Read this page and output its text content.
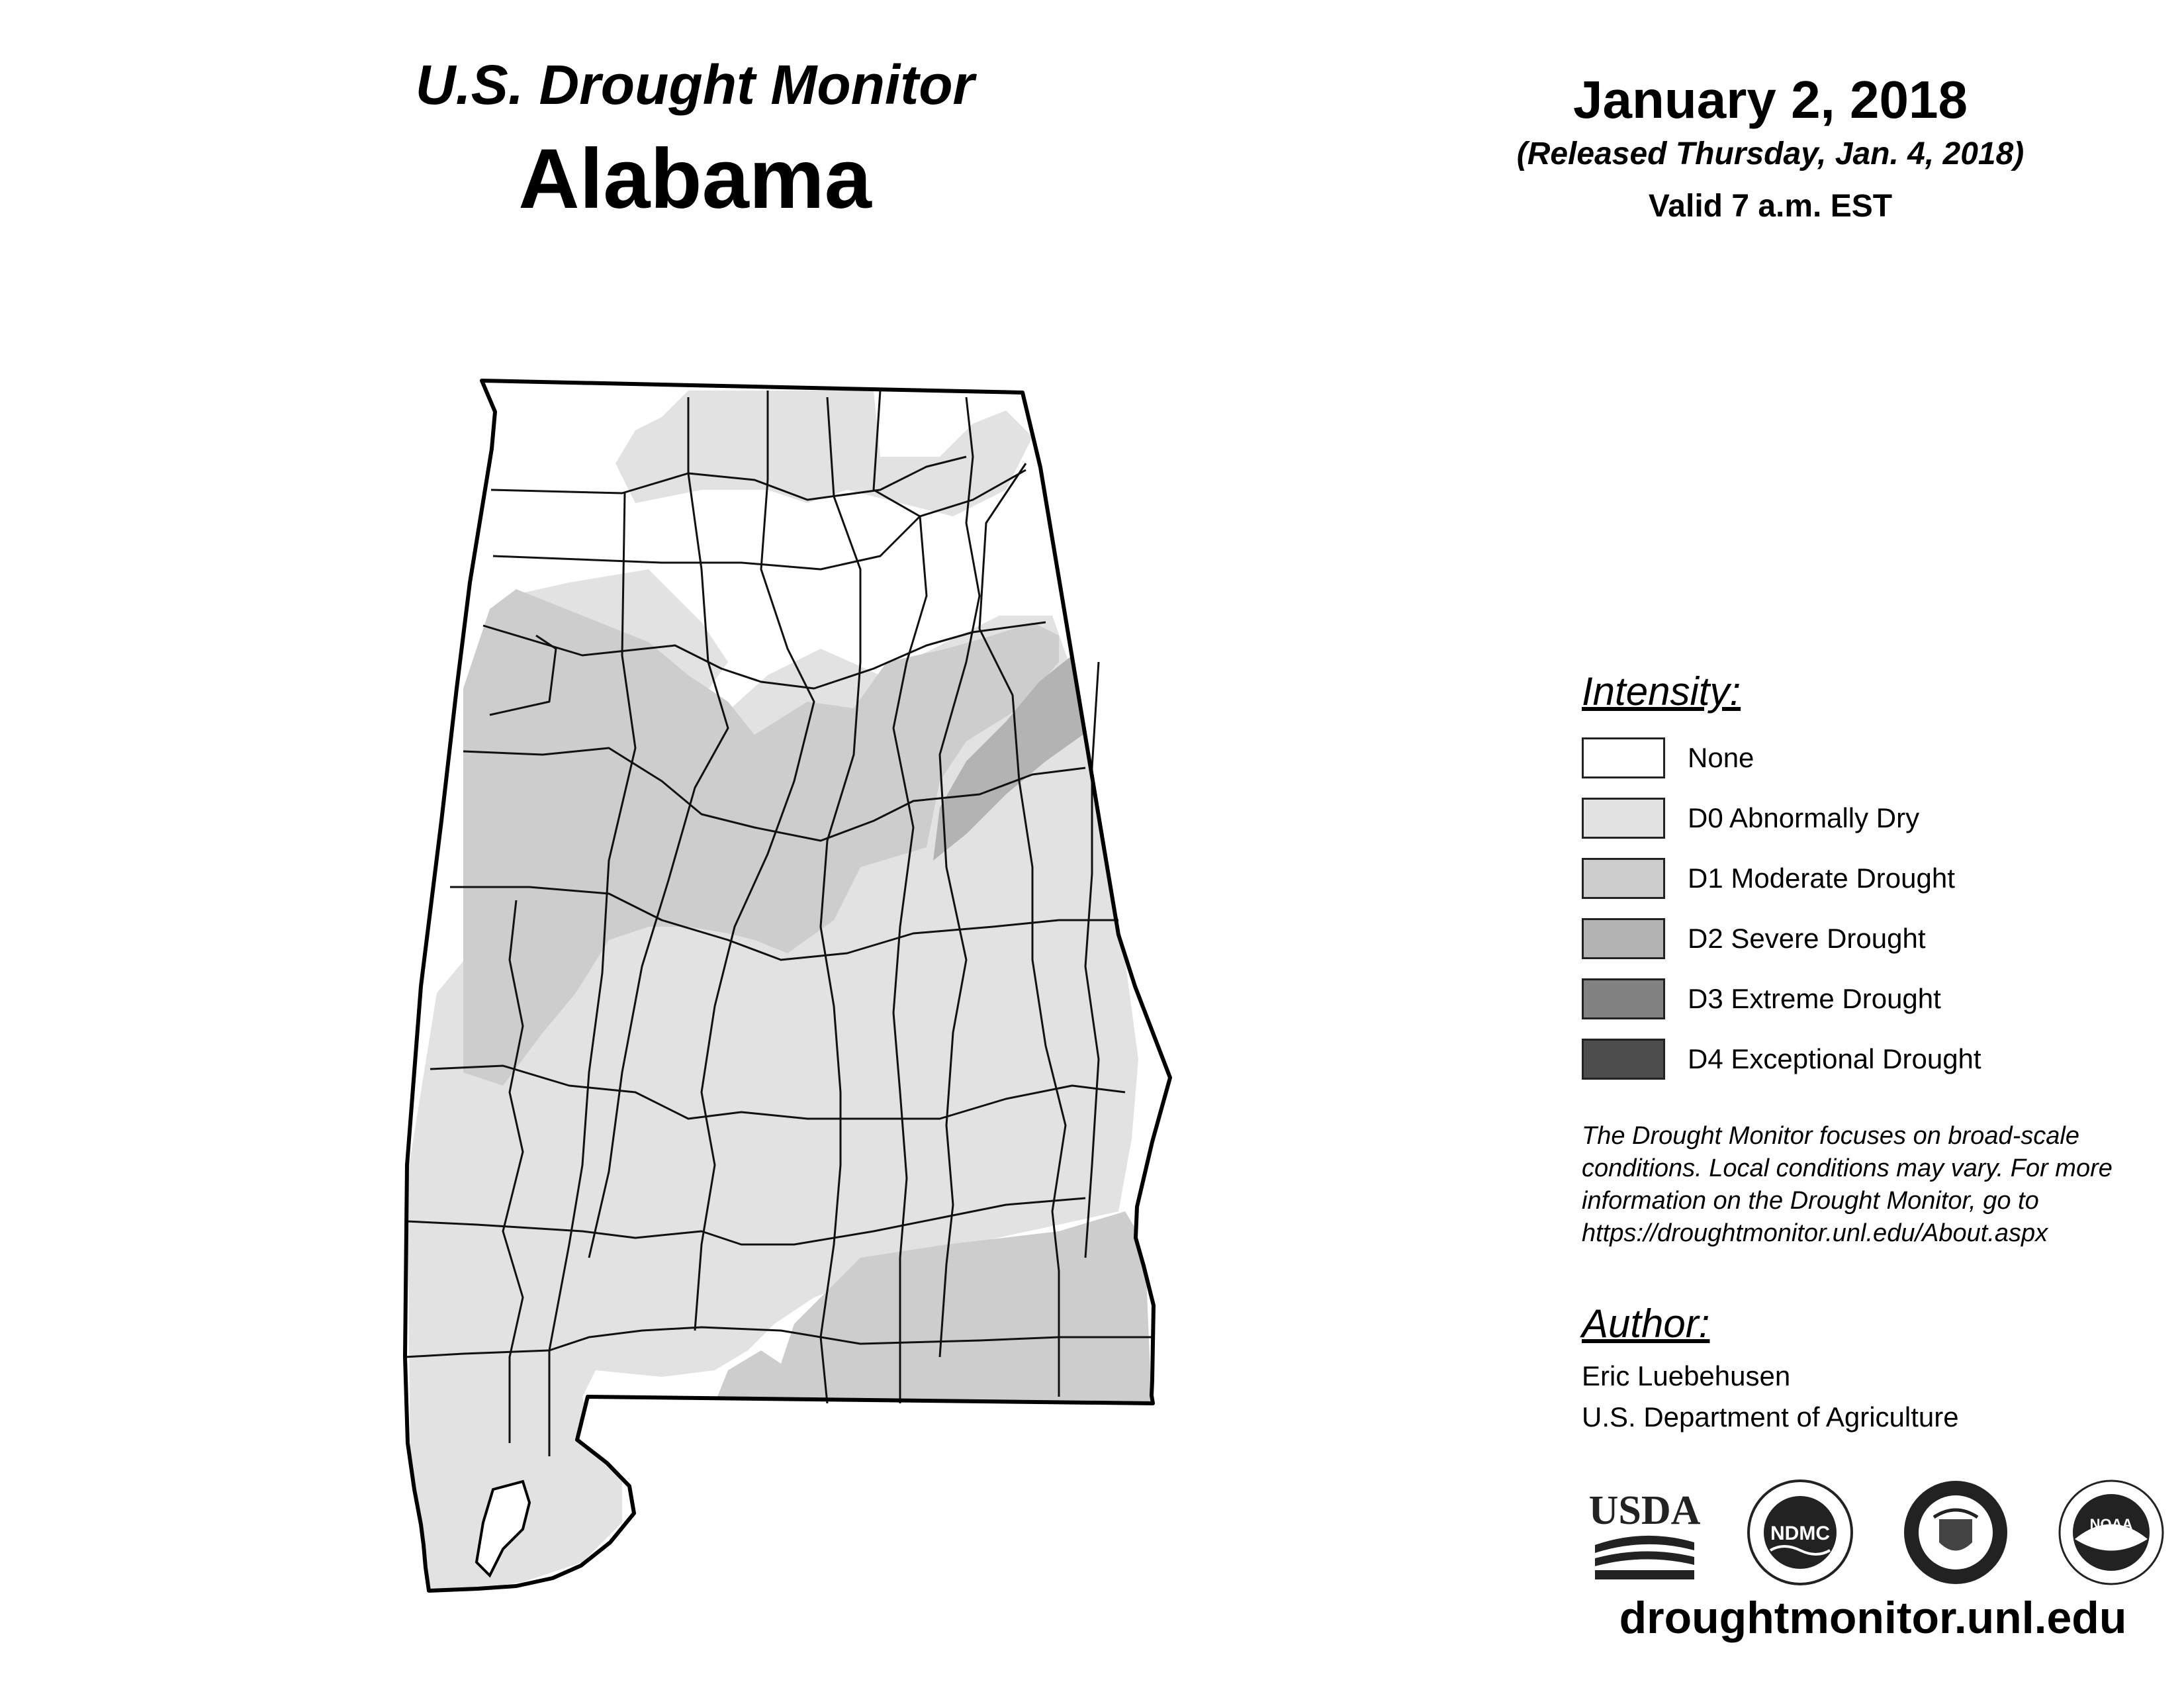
U.S. Drought Monitor
Alabama
January 2, 2018
(Released Thursday, Jan. 4, 2018)
Valid 7 a.m. EST
Intensity:
None
D0 Abnormally Dry
D1 Moderate Drought
D2 Severe Drought
D3 Extreme Drought
D4 Exceptional Drought
The Drought Monitor focuses on broad-scale conditions. Local conditions may vary. For more information on the Drought Monitor, go to https://droughtmonitor.unl.edu/About.aspx
Author:
Eric Luebehusen
U.S. Department of Agriculture
USDA
NDMC	NOAA
droughtmonitor.unl.edu
